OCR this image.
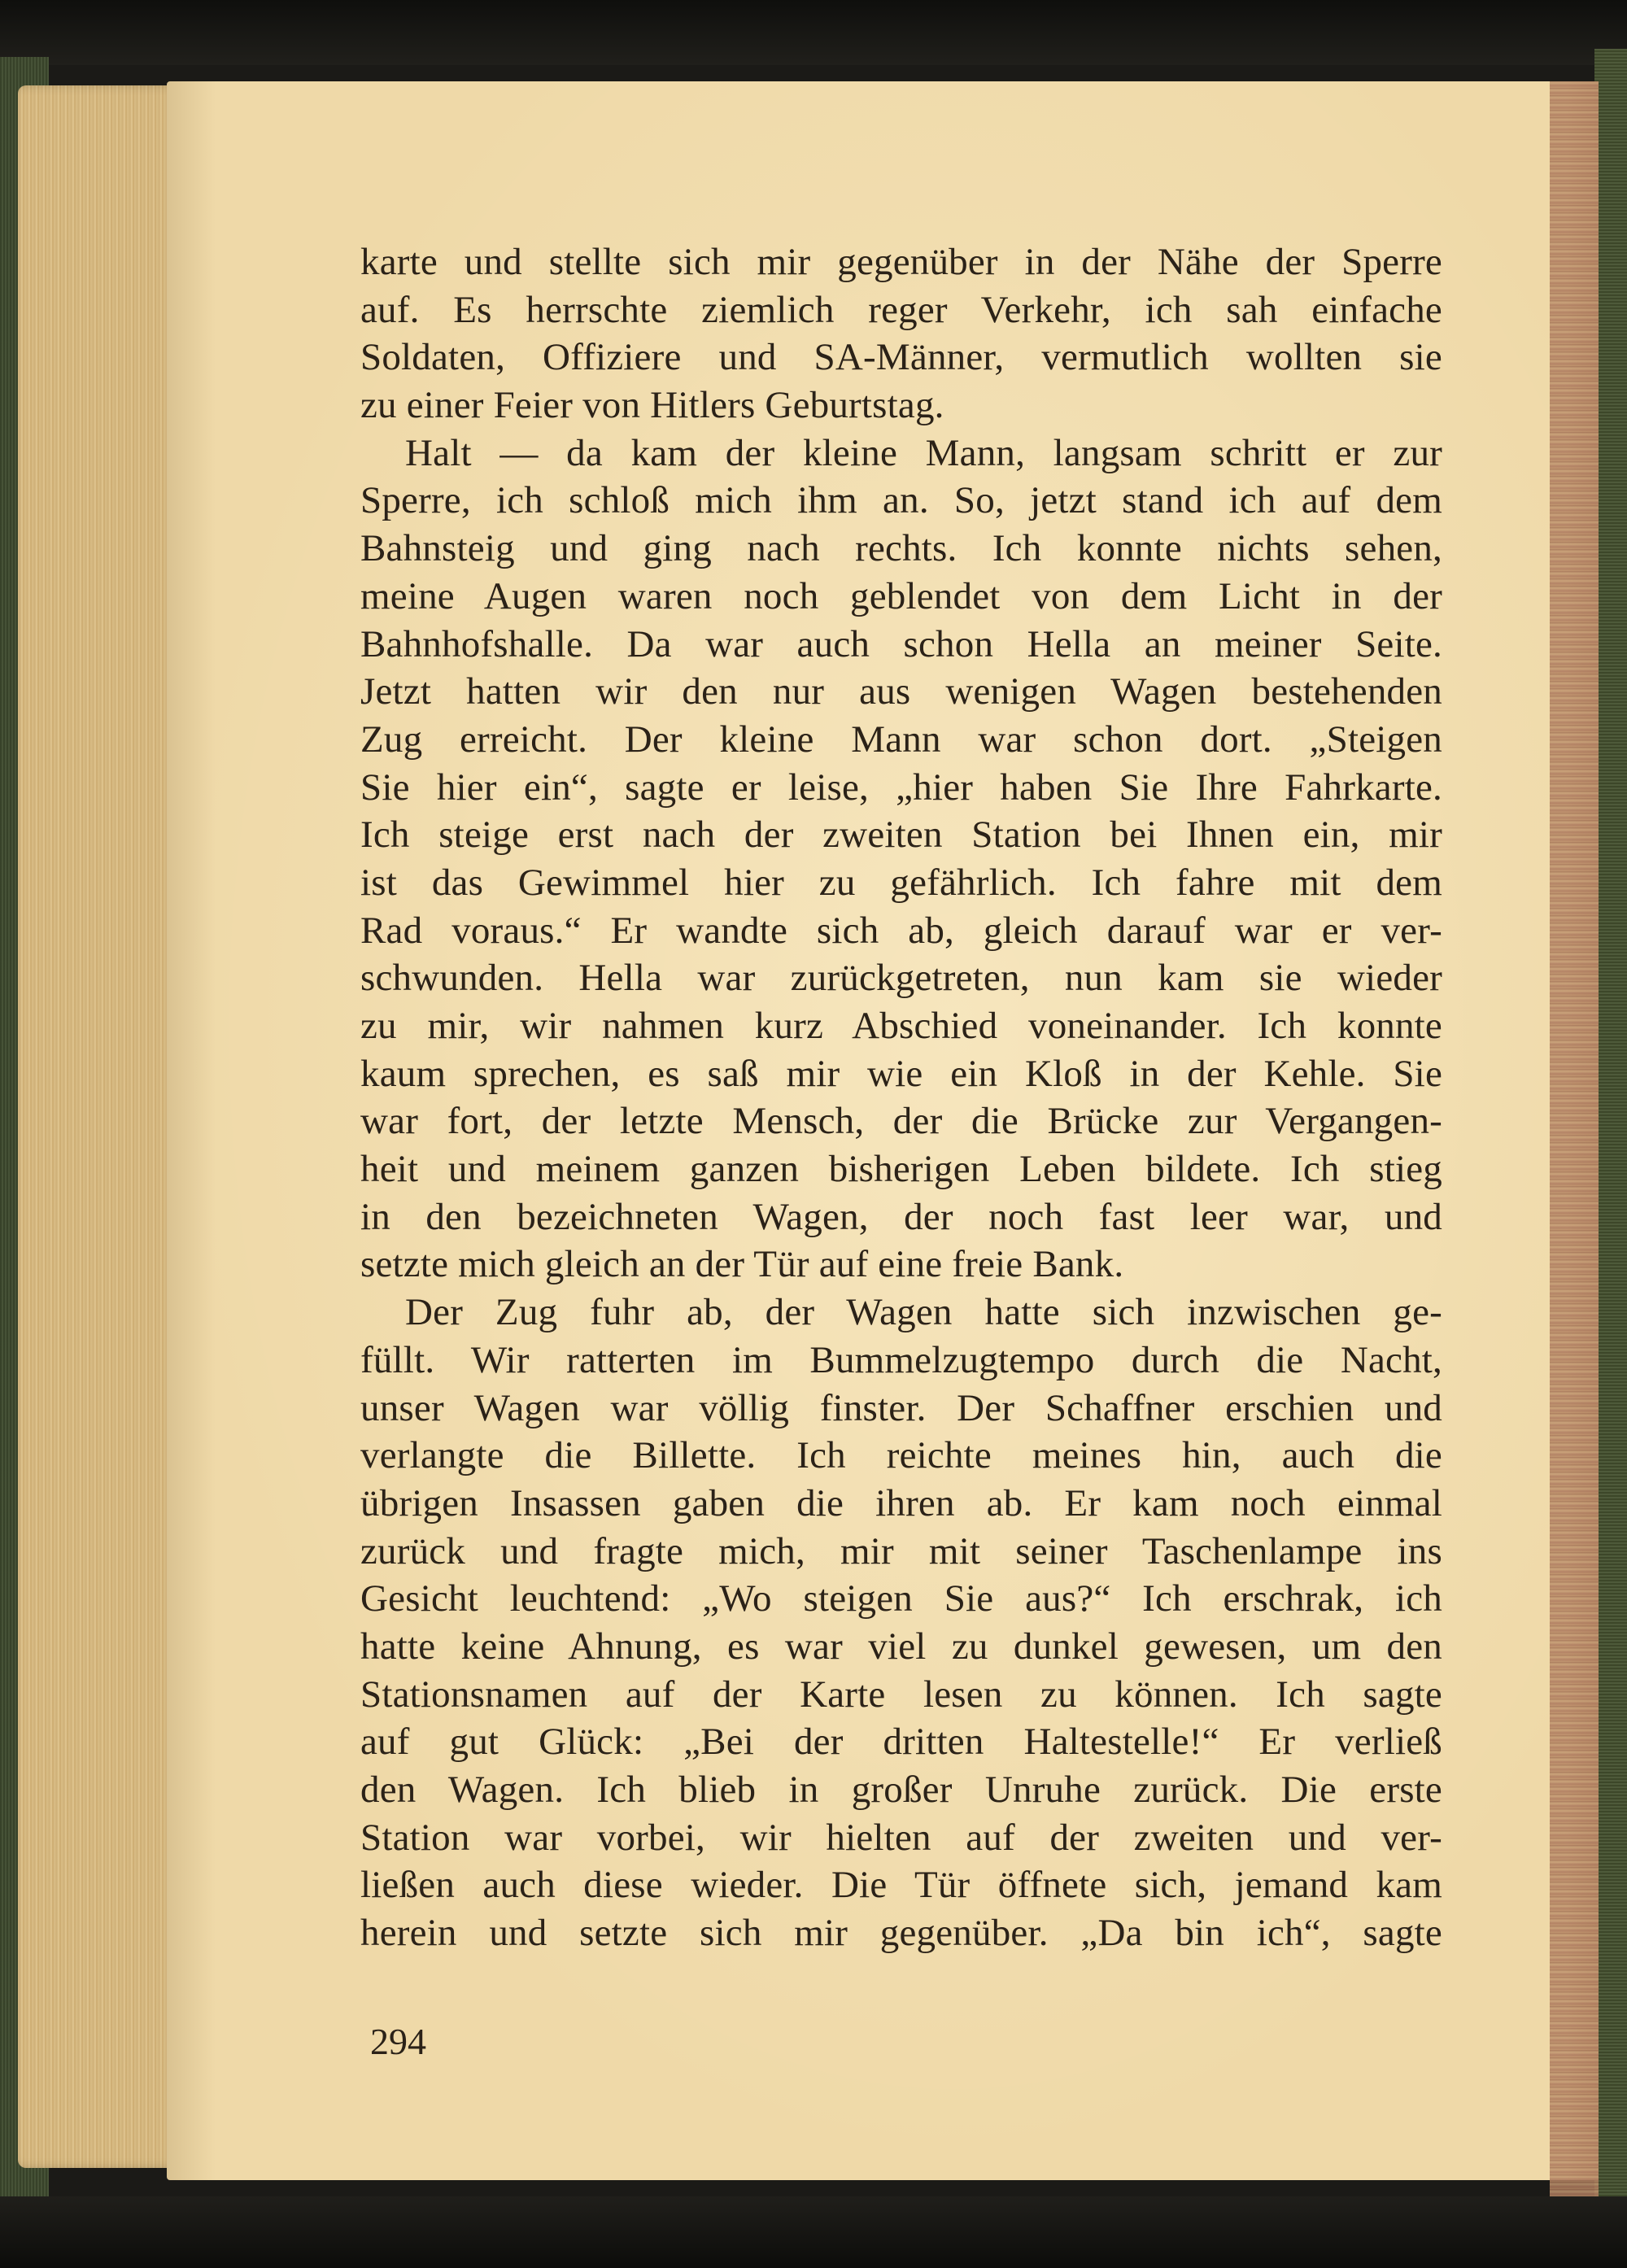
karte und stellte sich mir gegenüber in der Nähe der Sperre
auf. Es herrschte ziemlich reger Verkehr, ich sah einfache
Soldaten, Offiziere und SA-Männer, vermutlich wollten sie
zu einer Feier von Hitlers Geburtstag.
Halt — da kam der kleine Mann, langsam schritt er zur
Sperre, ich schloß mich ihm an. So, jetzt stand ich auf dem
Bahnsteig und ging nach rechts. Ich konnte nichts sehen,
meine Augen waren noch geblendet von dem Licht in der
Bahnhofshalle. Da war auch schon Hella an meiner Seite.
Jetzt hatten wir den nur aus wenigen Wagen bestehenden
Zug erreicht. Der kleine Mann war schon dort. „Steigen
Sie hier ein“, sagte er leise, „hier haben Sie Ihre Fahrkarte.
Ich steige erst nach der zweiten Station bei Ihnen ein, mir
ist das Gewimmel hier zu gefährlich. Ich fahre mit dem
Rad voraus.“ Er wandte sich ab, gleich darauf war er ver-
schwunden. Hella war zurückgetreten, nun kam sie wieder
zu mir, wir nahmen kurz Abschied voneinander. Ich konnte
kaum sprechen, es saß mir wie ein Kloß in der Kehle. Sie
war fort, der letzte Mensch, der die Brücke zur Vergangen-
heit und meinem ganzen bisherigen Leben bildete. Ich stieg
in den bezeichneten Wagen, der noch fast leer war, und
setzte mich gleich an der Tür auf eine freie Bank.
Der Zug fuhr ab, der Wagen hatte sich inzwischen ge-
füllt. Wir ratterten im Bummelzugtempo durch die Nacht,
unser Wagen war völlig finster. Der Schaffner erschien und
verlangte die Billette. Ich reichte meines hin, auch die
übrigen Insassen gaben die ihren ab. Er kam noch einmal
zurück und fragte mich, mir mit seiner Taschenlampe ins
Gesicht leuchtend: „Wo steigen Sie aus?“ Ich erschrak, ich
hatte keine Ahnung, es war viel zu dunkel gewesen, um den
Stationsnamen auf der Karte lesen zu können. Ich sagte
auf gut Glück: „Bei der dritten Haltestelle!“ Er verließ
den Wagen. Ich blieb in großer Unruhe zurück. Die erste
Station war vorbei, wir hielten auf der zweiten und ver-
ließen auch diese wieder. Die Tür öffnete sich, jemand kam
herein und setzte sich mir gegenüber. „Da bin ich“, sagte
294
